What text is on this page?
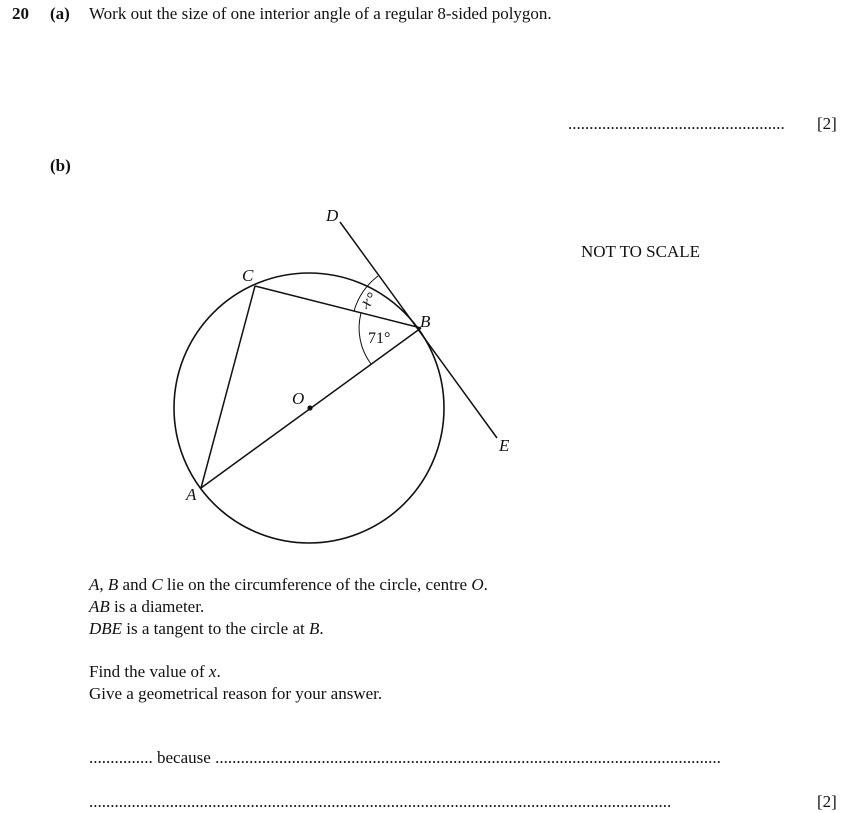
20 (a) Work out the size of one interior angle of a regular 8-sided polygon.
................................................... [2]
(b)
NOT TO SCALE
D
C
B
E
O
A
71°
x°
A, B and C lie on the circumference of the circle, centre O.
AB is a diameter.
DBE is a tangent to the circle at B.
Find the value of x.
Give a geometrical reason for your answer.
............... because .......................................................................................................................
.........................................................................................................................................	[2]
